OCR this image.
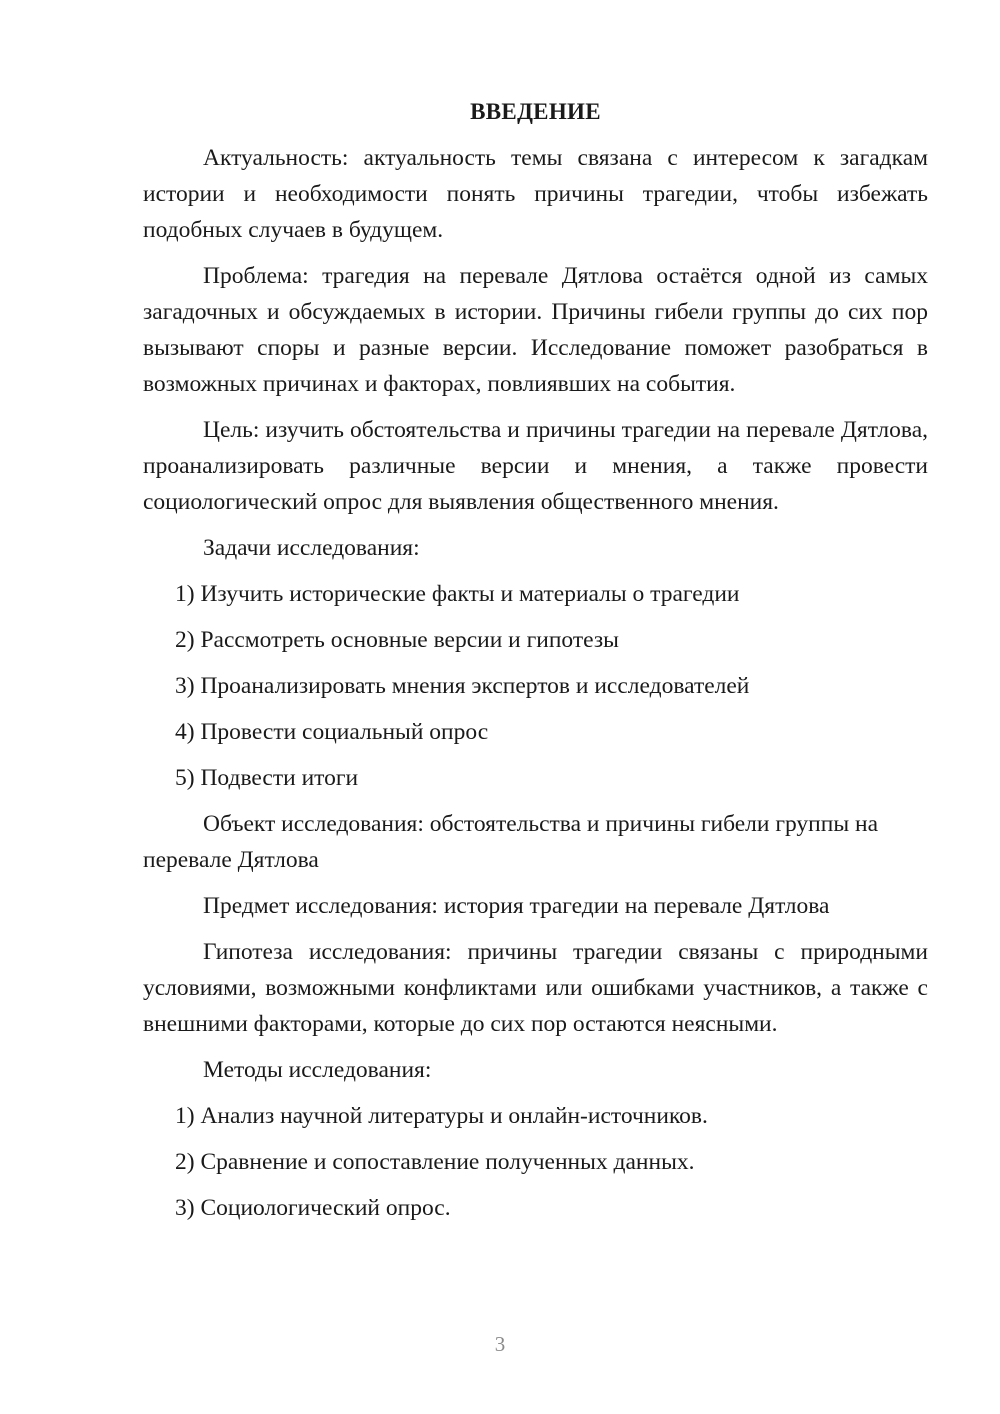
ВВЕДЕНИЕ

Актуальность: актуальность темы связана с интересом к загадкам истории и необходимости понять причины трагедии, чтобы избежать подобных случаев в будущем.

Проблема: трагедия на перевале Дятлова остаётся одной из самых загадочных и обсуждаемых в истории. Причины гибели группы до сих пор вызывают споры и разные версии. Исследование поможет разобраться в возможных причинах и факторах, повлиявших на события.

Цель: изучить обстоятельства и причины трагедии на перевале Дятлова, проанализировать различные версии и мнения, а также провести социологический опрос для выявления общественного мнения.

Задачи исследования:

1) Изучить исторические факты и материалы о трагедии

2) Рассмотреть основные версии и гипотезы

3) Проанализировать мнения экспертов и исследователей

4) Провести социальный опрос

5) Подвести итоги

Объект исследования: обстоятельства и причины гибели группы на перевале Дятлова

Предмет исследования: история трагедии на перевале Дятлова

Гипотеза исследования: причины трагедии связаны с природными условиями, возможными конфликтами или ошибками участников, а также с внешними факторами, которые до сих пор остаются неясными.

Методы исследования:

1) Анализ научной литературы и онлайн-источников.

2) Сравнение и сопоставление полученных данных.

3) Социологический опрос.

3
